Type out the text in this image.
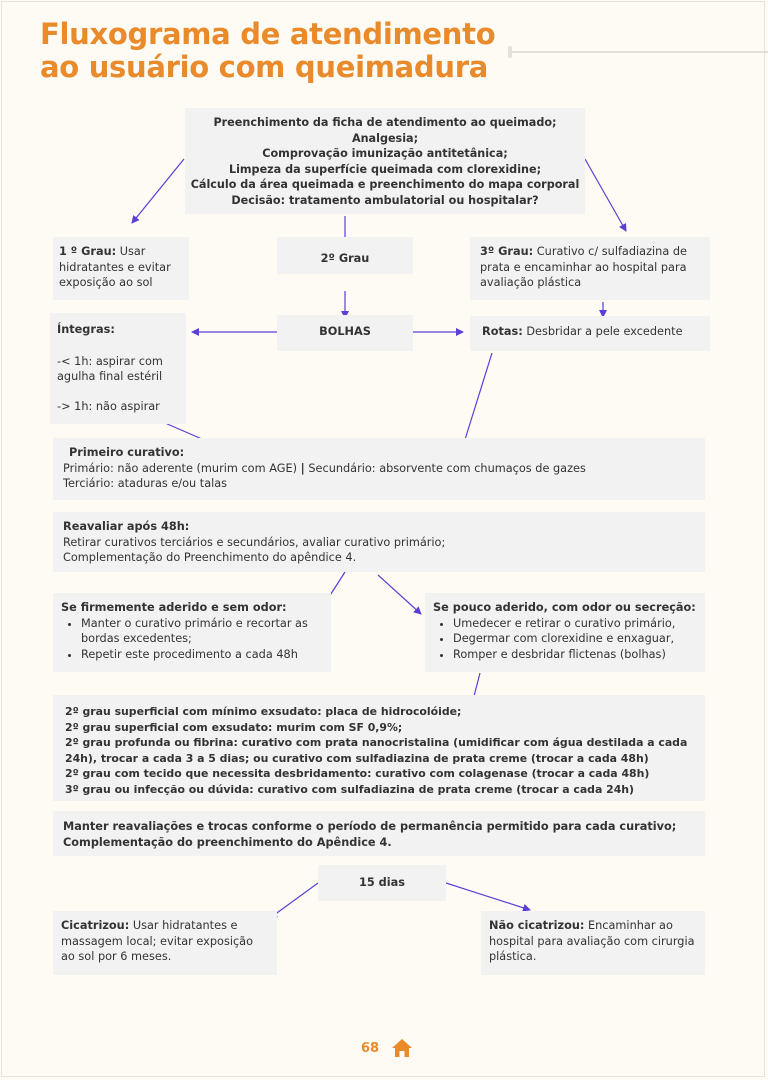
Fluxograma de atendimento
ao usuário com queimadura
Preenchimento da ficha de atendimento ao queimado;
Analgesia;
Comprovação imunização antitetânica;
Limpeza da superfície queimada com clorexidine;
Cálculo da área queimada e preenchimento do mapa corporal
Decisão: tratamento ambulatorial ou hospitalar?
1 º Grau: Usar hidratantes e evitar exposição ao sol
2º Grau
3º Grau: Curativo c/ sulfadiazina de prata e encaminhar ao hospital para avaliação plástica
BOLHAS
Íntegras:
-< 1h: aspirar com agulha final estéril
-> 1h: não aspirar
Rotas: Desbridar a pele excedente
Primeiro curativo:
Primário: não aderente (murim com AGE) | Secundário: absorvente com chumaços de gazes
Terciário: ataduras e/ou talas
Reavaliar após 48h:
Retirar curativos terciários e secundários, avaliar curativo primário;
Complementação do Preenchimento do apêndice 4.
Se firmemente aderido e sem odor:
• Manter o curativo primário e recortar as bordas excedentes;
• Repetir este procedimento a cada 48h
Se pouco aderido, com odor ou secreção:
• Umedecer e retirar o curativo primário,
• Degermar com clorexidine e enxaguar,
• Romper e desbridar flictenas (bolhas)
2º grau superficial com mínimo exsudato: placa de hidrocolóide;
2º grau superficial com exsudato: murim com SF 0,9%;
2º grau profunda ou fibrina: curativo com prata nanocristalina (umidificar com água destilada a cada 24h), trocar a cada 3 a 5 dias; ou curativo com sulfadiazina de prata creme (trocar a cada 48h)
2º grau com tecido que necessita desbridamento: curativo com colagenase (trocar a cada 48h)
3º grau ou infecção ou dúvida: curativo com sulfadiazina de prata creme (trocar a cada 24h)
Manter reavaliações e trocas conforme o período de permanência permitido para cada curativo;
Complementação do preenchimento do Apêndice 4.
15 dias
Cicatrizou: Usar hidratantes e massagem local; evitar exposição ao sol por 6 meses.
Não cicatrizou: Encaminhar ao hospital para avaliação com cirurgia plástica.
68
